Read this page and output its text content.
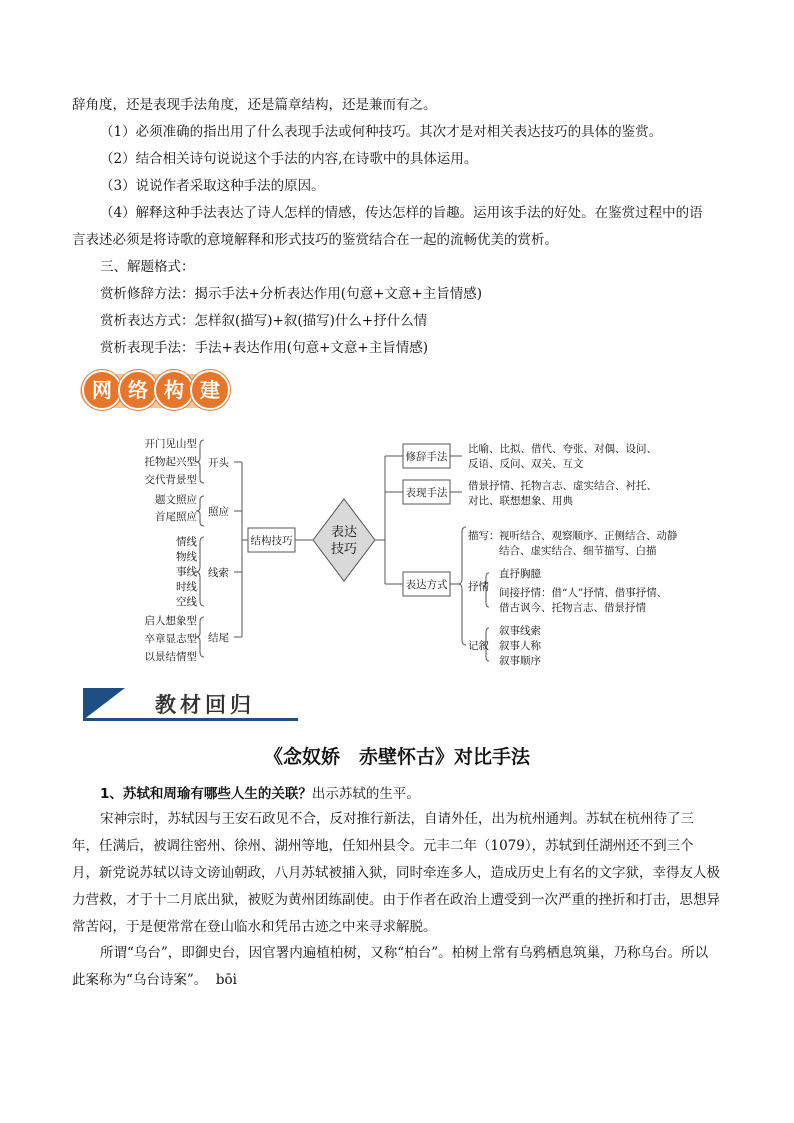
辞角度，还是表现手法角度，还是篇章结构，还是兼而有之。
（1）必须准确的指出用了什么表现手法或何种技巧。其次才是对相关表达技巧的具体的鉴赏。
（2）结合相关诗句说说这个手法的内容,在诗歌中的具体运用。
（3）说说作者采取这种手法的原因。
（4）解释这种手法表达了诗人怎样的情感，传达怎样的旨趣。运用该手法的好处。在鉴赏过程中的语
言表述必须是将诗歌的意境解释和形式技巧的鉴赏结合在一起的流畅优美的赏析。
三、解题格式：
赏析修辞方法：揭示手法+分析表达作用(句意+文意+主旨情感)
赏析表达方式：怎样叙(描写)+叙(描写)什么+抒什么情
赏析表现手法：手法+表达作用(句意+文意+主旨情感)
网 络 构 建
表达
技巧
结构技巧
修辞手法
表现手法
表达方式
开头
照应
线索
结尾
开门见山型
托物起兴型
交代背景型
题文照应
首尾照应
情线
物线
事线
时线
空线
启人想象型
卒章显志型
以景结情型
比喻、比拟、借代、夸张、对偶、设问、
反语、反问、双关、互文
借景抒情、托物言志、虚实结合、衬托、
对比、联想想象、用典
描写： 视听结合、观察顺序、正侧结合、动静
结合、虚实结合、细节描写、白描
抒情
直抒胸臆
间接抒情：借“人”抒情、借事抒情、
借古讽今、托物言志、借景抒情
记叙
叙事线索
叙事人称
叙事顺序
教材回归
《念奴娇　赤壁怀古》对比手法
1、苏轼和周瑜有哪些人生的关联？出示苏轼的生平。
宋神宗时，苏轼因与王安石政见不合，反对推行新法，自请外任，出为杭州通判。苏轼在杭州待了三年，任满后，被调往密州、徐州、湖州等地，任知州县令。元丰二年（1079），苏轼到任湖州还不到三个月，新党说苏轼以诗文谤讪朝政，八月苏轼被捕入狱，同时牵连多人，造成历史上有名的文字狱，幸得友人极力营救，才于十二月底出狱，被贬为黄州团练副使。由于作者在政治上遭受到一次严重的挫折和打击，思想异常苦闷，于是便常常在登山临水和凭吊古迹之中来寻求解脱。
所谓“乌台”，即御史台，因官署内遍植柏树，又称“柏台”。柏树上常有乌鸦栖息筑巢，乃称乌台。所以此案称为“乌台诗案”。 bōi
